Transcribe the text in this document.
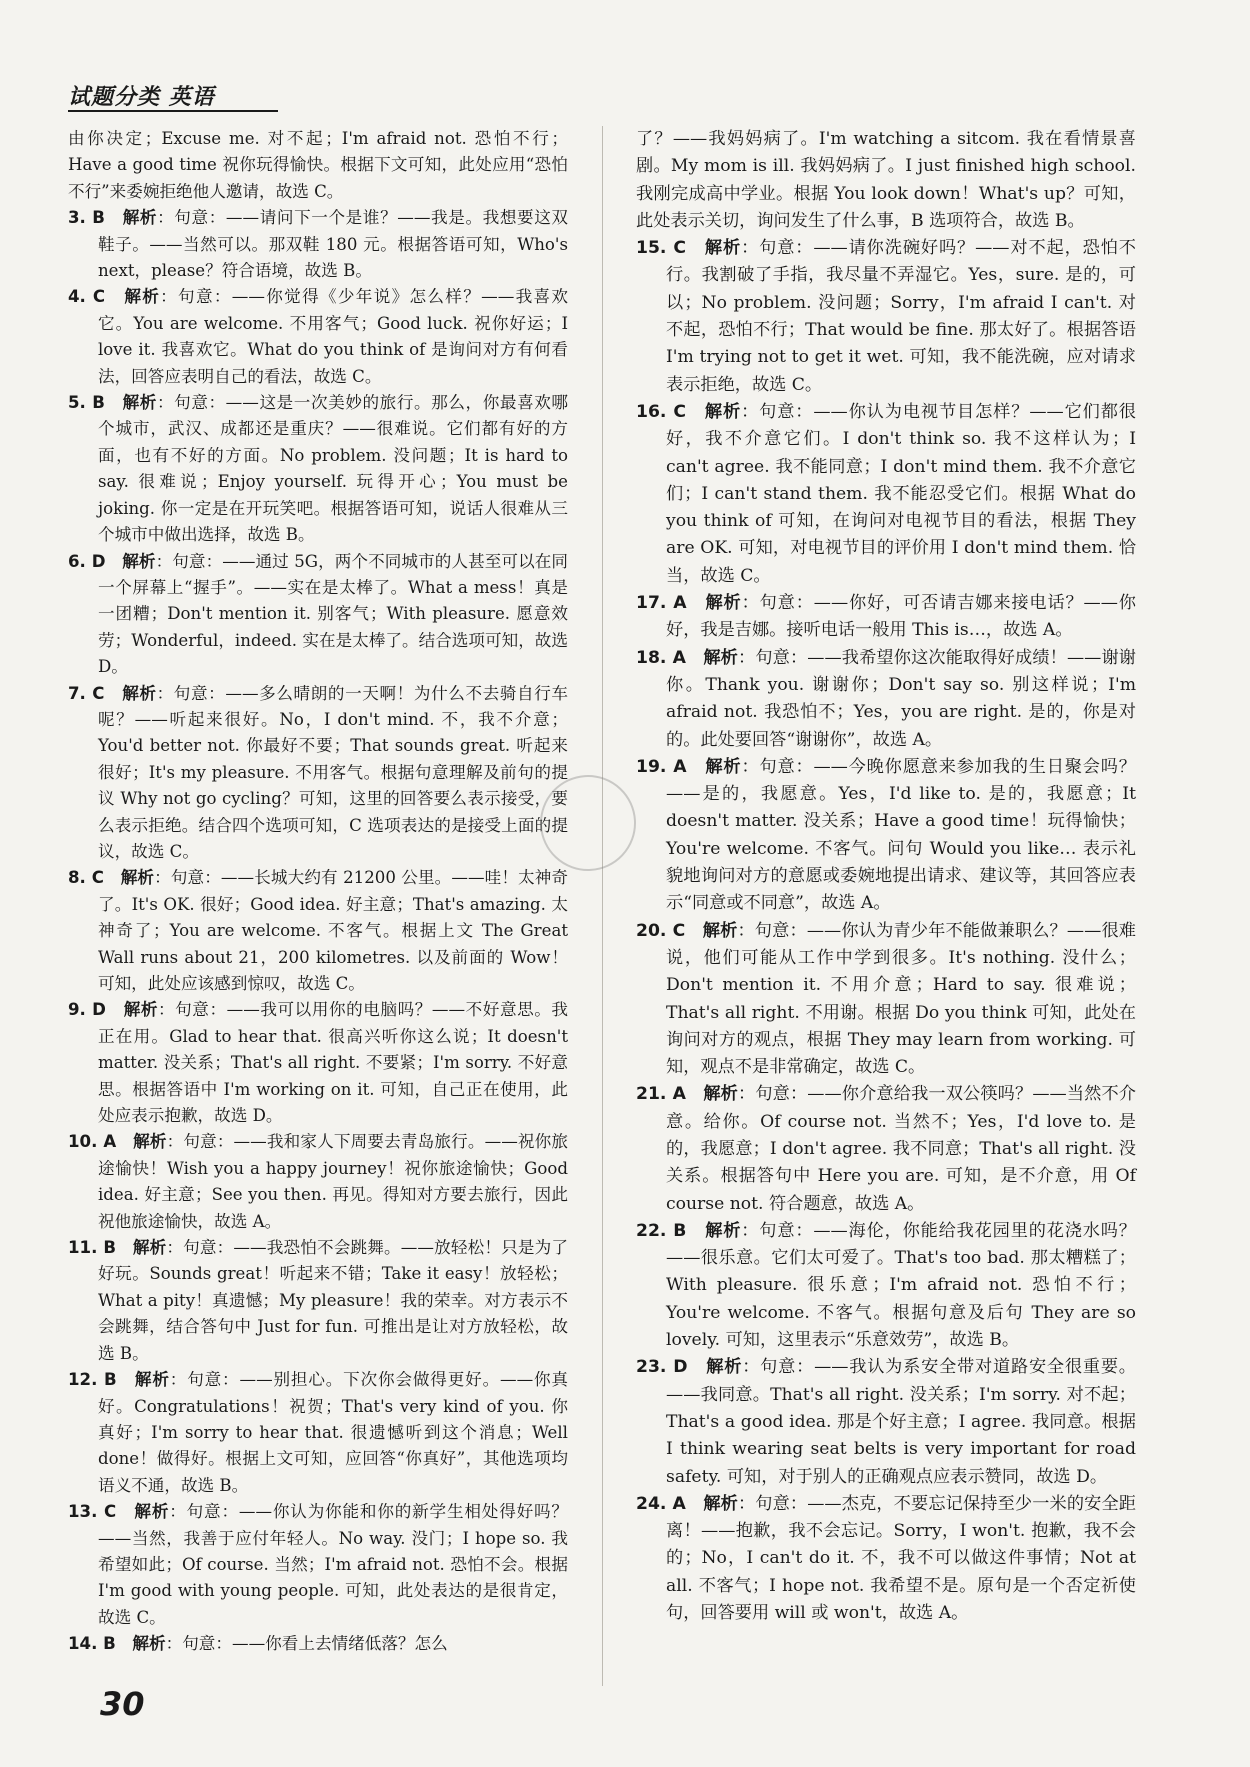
试题分类 英语

由你决定；Excuse me. 对不起；I'm afraid not. 恐怕不行；Have a good time 祝你玩得愉快。根据下文可知，此处应用“恐怕不行”来委婉拒绝他人邀请，故选 C。

3. B　 解析：句意：——请问下一个是谁？——我是。我想要这双鞋子。——当然可以。那双鞋 180 元。根据答语可知，Who's next，please？符合语境，故选 B。

4. C　 解析：句意：——你觉得《少年说》怎么样？——我喜欢它。You are welcome. 不用客气；Good luck. 祝你好运；I love it. 我喜欢它。What do you think of 是询问对方有何看法，回答应表明自己的看法，故选 C。

5. B　 解析：句意：——这是一次美妙的旅行。那么，你最喜欢哪个城市，武汉、成都还是重庆？——很难说。它们都有好的方面，也有不好的方面。No problem. 没问题；It is hard to say. 很难说；Enjoy yourself. 玩得开心；You must be joking. 你一定是在开玩笑吧。根据答语可知，说话人很难从三个城市中做出选择，故选 B。

6. D　 解析：句意：——通过 5G，两个不同城市的人甚至可以在同一个屏幕上“握手”。——实在是太棒了。What a mess！真是一团糟；Don't mention it. 别客气；With pleasure. 愿意效劳；Wonderful，indeed. 实在是太棒了。结合选项可知，故选 D。

7. C　 解析：句意：——多么晴朗的一天啊！为什么不去骑自行车呢？——听起来很好。No，I don't mind. 不，我不介意；You'd better not. 你最好不要；That sounds great. 听起来很好；It's my pleasure. 不用客气。根据句意理解及前句的提议 Why not go cycling？可知，这里的回答要么表示接受，要么表示拒绝。结合四个选项可知，C 选项表达的是接受上面的提议，故选 C。

8. C　 解析：句意：——长城大约有 21200 公里。——哇！太神奇了。It's OK. 很好；Good idea. 好主意；That's amazing. 太神奇了；You are welcome. 不客气。根据上文 The Great Wall runs about 21，200 kilometres. 以及前面的 Wow！可知，此处应该感到惊叹，故选 C。

9. D　 解析：句意：——我可以用你的电脑吗？——不好意思。我正在用。Glad to hear that. 很高兴听你这么说；It doesn't matter. 没关系；That's all right. 不要紧；I'm sorry. 不好意思。根据答语中 I'm working on it. 可知，自己正在使用，此处应表示抱歉，故选 D。

10. A　 解析：句意：——我和家人下周要去青岛旅行。——祝你旅途愉快！Wish you a happy journey！祝你旅途愉快；Good idea. 好主意；See you then. 再见。得知对方要去旅行，因此祝他旅途愉快，故选 A。

11. B　 解析：句意：——我恐怕不会跳舞。——放轻松！只是为了好玩。Sounds great！听起来不错；Take it easy！放轻松；What a pity！真遗憾；My pleasure！我的荣幸。对方表示不会跳舞，结合答句中 Just for fun. 可推出是让对方放轻松，故选 B。

12. B　 解析：句意：——别担心。下次你会做得更好。——你真好。Congratulations！祝贺；That's very kind of you. 你真好；I'm sorry to hear that. 很遗憾听到这个消息；Well done！做得好。根据上文可知，应回答“你真好”，其他选项均语义不通，故选 B。

13. C　 解析：句意：——你认为你能和你的新学生相处得好吗？——当然，我善于应付年轻人。No way. 没门；I hope so. 我希望如此；Of course. 当然；I'm afraid not. 恐怕不会。根据 I'm good with young people. 可知，此处表达的是很肯定，故选 C。

14. B　 解析：句意：——你看上去情绪低落？怎么

了？——我妈妈病了。I'm watching a sitcom. 我在看情景喜剧。My mom is ill. 我妈妈病了。I just finished high school. 我刚完成高中学业。根据 You look down！What's up？可知，此处表示关切，询问发生了什么事，B 选项符合，故选 B。

15. C　 解析：句意：——请你洗碗好吗？——对不起，恐怕不行。我割破了手指，我尽量不弄湿它。Yes，sure. 是的，可以；No problem. 没问题；Sorry，I'm afraid I can't. 对不起，恐怕不行；That would be fine. 那太好了。根据答语 I'm trying not to get it wet. 可知，我不能洗碗，应对请求表示拒绝，故选 C。

16. C　 解析：句意：——你认为电视节目怎样？——它们都很好，我不介意它们。I don't think so. 我不这样认为；I can't agree. 我不能同意；I don't mind them. 我不介意它们；I can't stand them. 我不能忍受它们。根据 What do you think of 可知，在询问对电视节目的看法，根据 They are OK. 可知，对电视节目的评价用 I don't mind them. 恰当，故选 C。

17. A　 解析：句意：——你好，可否请吉娜来接电话？——你好，我是吉娜。接听电话一般用 This is…，故选 A。

18. A　 解析：句意：——我希望你这次能取得好成绩！——谢谢你。Thank you. 谢谢你；Don't say so. 别这样说；I'm afraid not. 我恐怕不；Yes，you are right. 是的，你是对的。此处要回答“谢谢你”，故选 A。

19. A　 解析：句意：——今晚你愿意来参加我的生日聚会吗？——是的，我愿意。Yes，I'd like to. 是的，我愿意；It doesn't matter. 没关系；Have a good time！玩得愉快；You're welcome. 不客气。问句 Would you like… 表示礼貌地询问对方的意愿或委婉地提出请求、建议等，其回答应表示“同意或不同意”，故选 A。

20. C　 解析：句意：——你认为青少年不能做兼职么？——很难说，他们可能从工作中学到很多。It's nothing. 没什么；Don't mention it. 不用介意；Hard to say. 很难说；That's all right. 不用谢。根据 Do you think 可知，此处在询问对方的观点，根据 They may learn from working. 可知，观点不是非常确定，故选 C。

21. A　 解析：句意：——你介意给我一双公筷吗？——当然不介意。给你。Of course not. 当然不；Yes，I'd love to. 是的，我愿意；I don't agree. 我不同意；That's all right. 没关系。根据答句中 Here you are. 可知，是不介意，用 Of course not. 符合题意，故选 A。

22. B　 解析：句意：——海伦，你能给我花园里的花浇水吗？——很乐意。它们太可爱了。That's too bad. 那太糟糕了；With pleasure. 很乐意；I'm afraid not. 恐怕不行；You're welcome. 不客气。根据句意及后句 They are so lovely. 可知，这里表示“乐意效劳”，故选 B。

23. D　 解析：句意：——我认为系安全带对道路安全很重要。——我同意。That's all right. 没关系；I'm sorry. 对不起；That's a good idea. 那是个好主意；I agree. 我同意。根据 I think wearing seat belts is very important for road safety. 可知，对于别人的正确观点应表示赞同，故选 D。

24. A　 解析：句意：——杰克，不要忘记保持至少一米的安全距离！——抱歉，我不会忘记。Sorry，I won't. 抱歉，我不会的；No，I can't do it. 不，我不可以做这件事情；Not at all. 不客气；I hope not. 我希望不是。原句是一个否定祈使句，回答要用 will 或 won't，故选 A。

30
